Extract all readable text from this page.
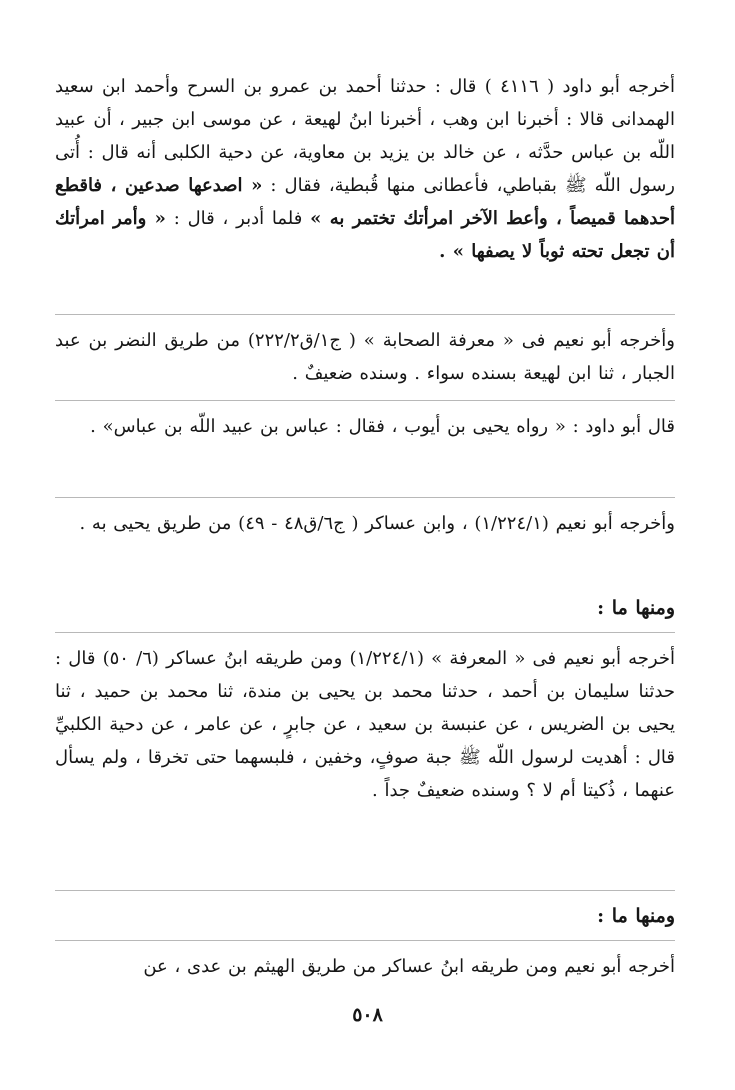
أخرجه أبو داود ( ٤١١٦ ) قال : حدثنا أحمد بن عمرو بن السرح وأحمد ابن سعيد الهمدانى قالا : أخبرنا ابن وهب ، أخبرنا ابنُ لهيعة ، عن موسى ابن جبير ، أن عبيد اللّه بن عباس حدَّثه ، عن خالد بن يزيد بن معاوية، عن دحية الكلبى أنه قال : أُتى رسول اللّه ﷺ بقباطي، فأعطانى منها قُبطية، فقال : « اصدعها صدعين ، فاقطع أحدهما قميصاً ، وأعط الآخر امرأتك تختمر به » فلما أدبر ، قال : « وأمر امرأتك أن تجعل تحته ثوباً لا يصفها » .

وأخرجه أبو نعيم فى « معرفة الصحابة » ( ج١/ق٢٢٢/٢) من طريق النضر بن عبد الجبار ، ثنا ابن لهيعة بسنده سواء . وسنده ضعيفٌ .

قال أبو داود : « رواه يحيى بن أيوب ، فقال : عباس بن عبيد اللّه بن عباس» .

وأخرجه أبو نعيم (١/٢٢٤/١) ، وابن عساكر ( ج٦/ق٤٨ - ٤٩) من طريق يحيى به .

ومنها ما :

أخرجه أبو نعيم فى « المعرفة » (١/٢٢٤/١) ومن طريقه ابنُ عساكر (٦/ ٥٠) قال : حدثنا سليمان بن أحمد ، حدثنا محمد بن يحيى بن مندة، ثنا محمد بن حميد ، ثنا يحيى بن الضريس ، عن عنبسة بن سعيد ، عن جابرٍ ، عن عامر ، عن دحية الكلبيِّ قال : أهديت لرسول اللّه ﷺ جبة صوفٍ، وخفين ، فلبسهما حتى تخرقا ، ولم يسأل عنهما ، ذُكيتا أم لا ؟ وسنده ضعيفٌ جداً .

ومنها ما :

أخرجه أبو نعيم ومن طريقه ابنُ عساكر من طريق الهيثم بن عدى ، عن

٥٠٨
